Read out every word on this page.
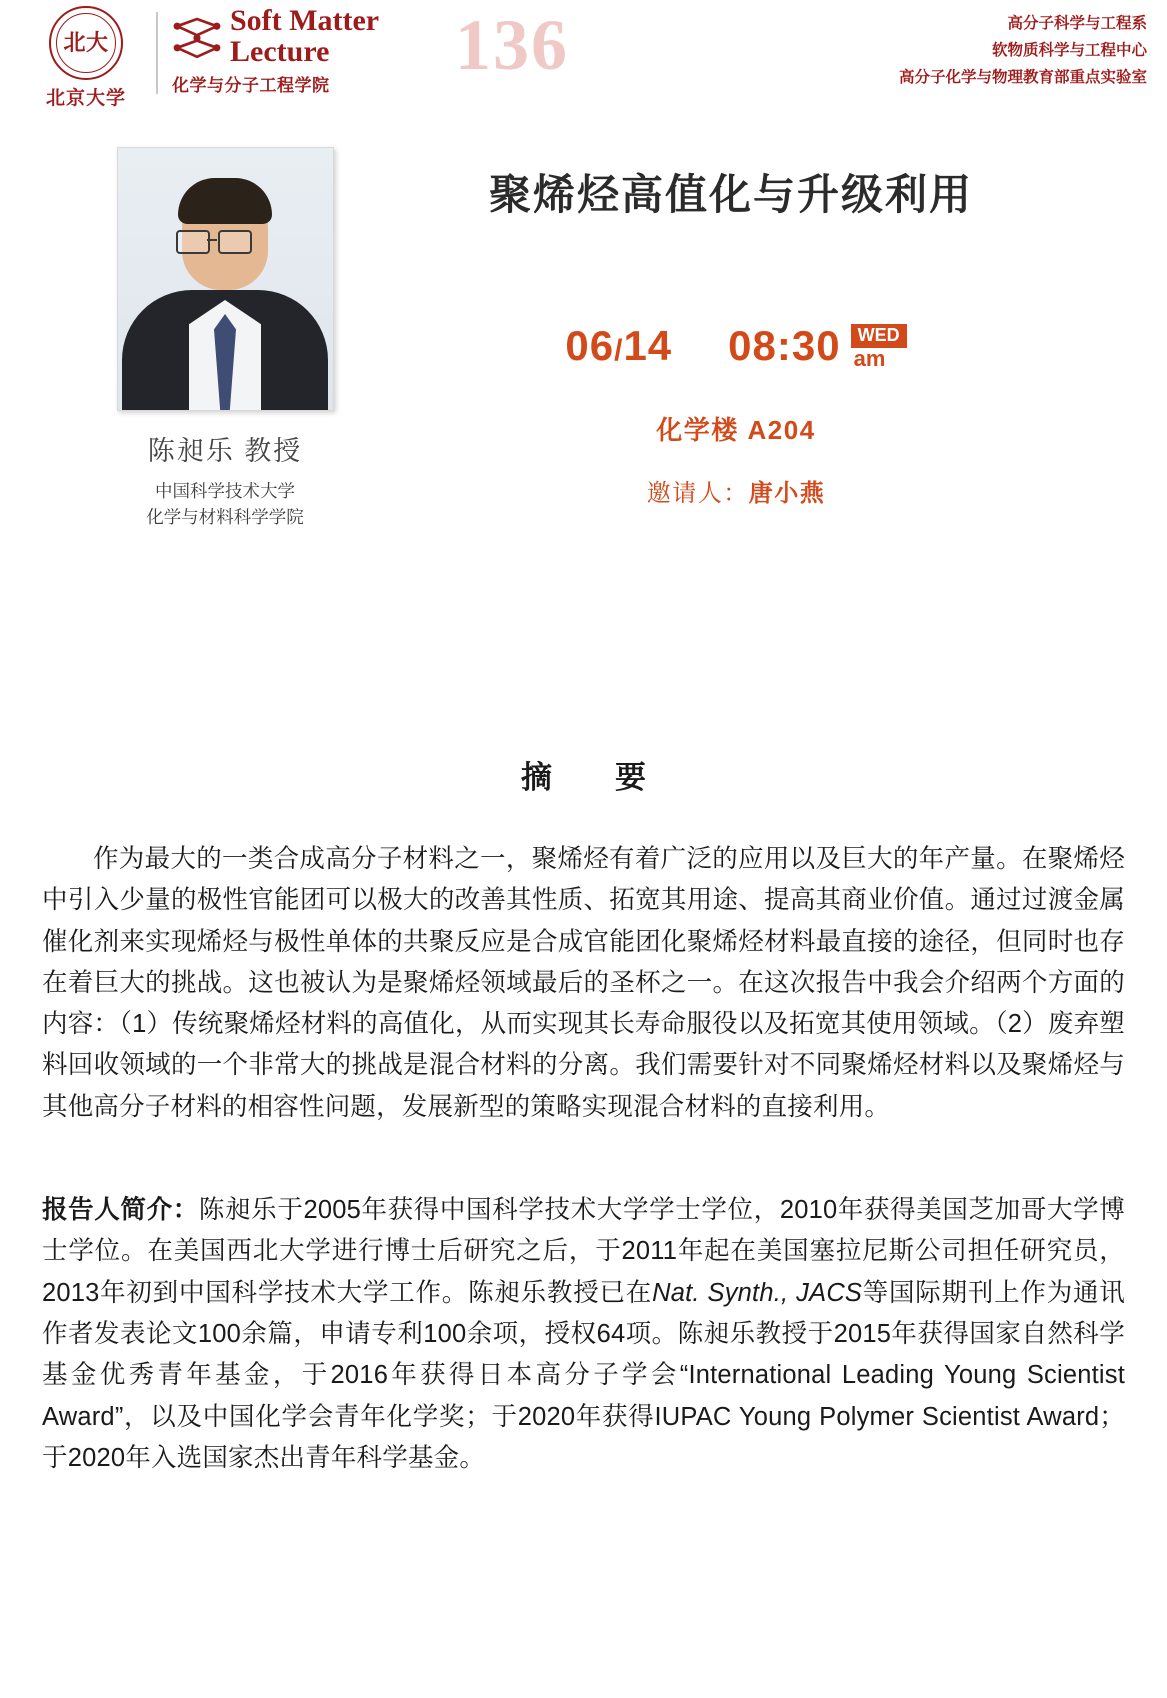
北大
北京大学
Soft Matter
Lecture
化学与分子工程学院
136	高分子科学与工程系
软物质科学与工程中心
高分子化学与物理教育部重点实验室
陈昶乐 教授
中国科学技术大学
化学与材料科学学院
聚烯烃高值化与升级利用
06/14 08:30 WED
am
化学楼 A204
邀请人：唐小燕
摘　要
作为最大的一类合成高分子材料之一，聚烯烃有着广泛的应用以及巨大的年产量。在聚烯烃中引入少量的极性官能团可以极大的改善其性质、拓宽其用途、提高其商业价值。通过过渡金属催化剂来实现烯烃与极性单体的共聚反应是合成官能团化聚烯烃材料最直接的途径，但同时也存在着巨大的挑战。这也被认为是聚烯烃领域最后的圣杯之一。在这次报告中我会介绍两个方面的内容：（1）传统聚烯烃材料的高值化，从而实现其长寿命服役以及拓宽其使用领域。（2）废弃塑料回收领域的一个非常大的挑战是混合材料的分离。我们需要针对不同聚烯烃材料以及聚烯烃与其他高分子材料的相容性问题，发展新型的策略实现混合材料的直接利用。
报告人简介：陈昶乐于2005年获得中国科学技术大学学士学位，2010年获得美国芝加哥大学博士学位。在美国西北大学进行博士后研究之后，于2011年起在美国塞拉尼斯公司担任研究员，2013年初到中国科学技术大学工作。陈昶乐教授已在Nat. Synth., JACS等国际期刊上作为通讯作者发表论文100余篇，申请专利100余项，授权64项。陈昶乐教授于2015年获得国家自然科学基金优秀青年基金，于2016年获得日本高分子学会“International Leading Young Scientist Award”，以及中国化学会青年化学奖；于2020年获得IUPAC Young Polymer Scientist Award；于2020年入选国家杰出青年科学基金。
